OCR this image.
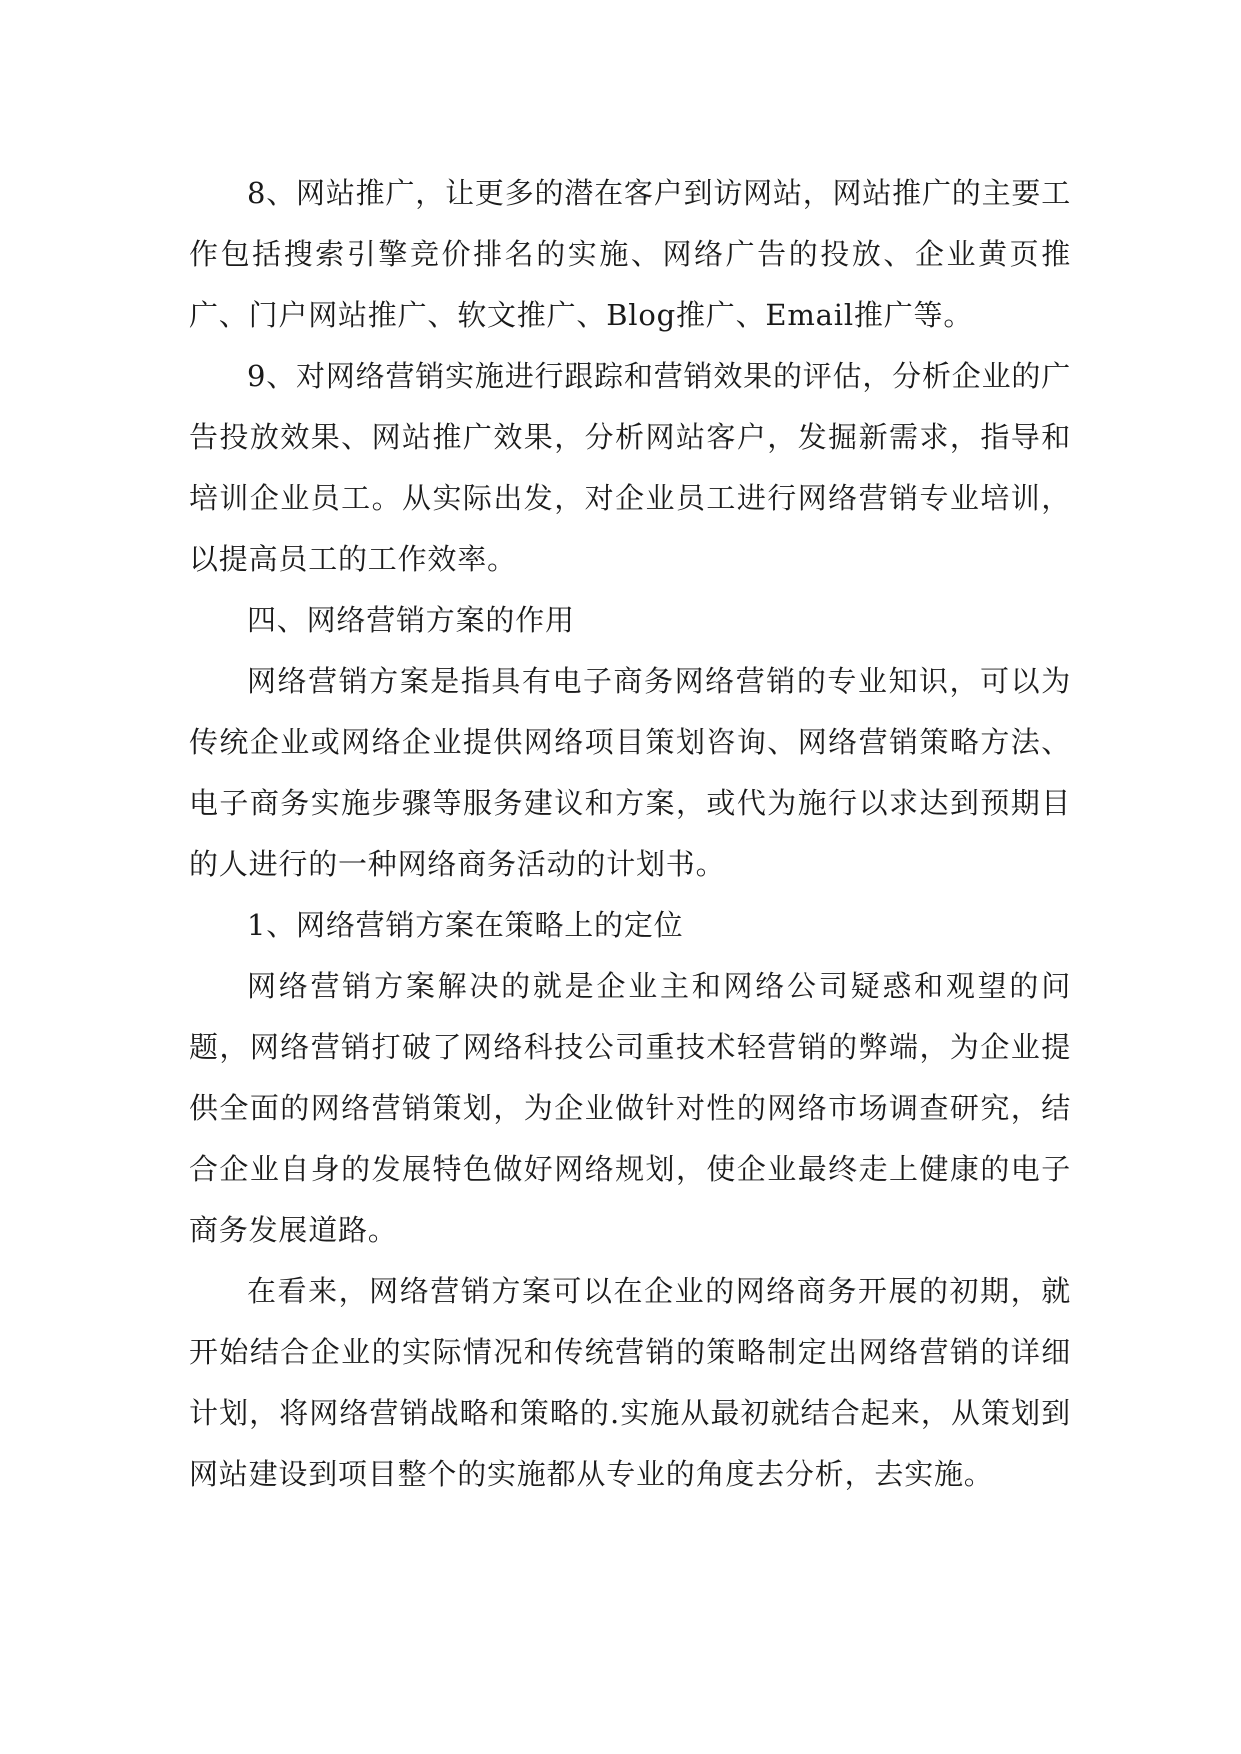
8、网站推广，让更多的潜在客户到访网站，网站推广的主要工作包括搜索引擎竞价排名的实施、网络广告的投放、企业黄页推广、门户网站推广、软文推广、Blog推广、Email推广等。

9、对网络营销实施进行跟踪和营销效果的评估，分析企业的广告投放效果、网站推广效果，分析网站客户，发掘新需求，指导和培训企业员工。从实际出发，对企业员工进行网络营销专业培训，以提高员工的工作效率。

四、网络营销方案的作用

网络营销方案是指具有电子商务网络营销的专业知识，可以为传统企业或网络企业提供网络项目策划咨询、网络营销策略方法、电子商务实施步骤等服务建议和方案，或代为施行以求达到预期目的人进行的一种网络商务活动的计划书。

1、网络营销方案在策略上的定位

网络营销方案解决的就是企业主和网络公司疑惑和观望的问题，网络营销打破了网络科技公司重技术轻营销的弊端，为企业提供全面的网络营销策划，为企业做针对性的网络市场调查研究，结合企业自身的发展特色做好网络规划，使企业最终走上健康的电子商务发展道路。

在看来，网络营销方案可以在企业的网络商务开展的初期，就开始结合企业的实际情况和传统营销的策略制定出网络营销的详细计划，将网络营销战略和策略的.实施从最初就结合起来，从策划到网站建设到项目整个的实施都从专业的角度去分析，去实施。
